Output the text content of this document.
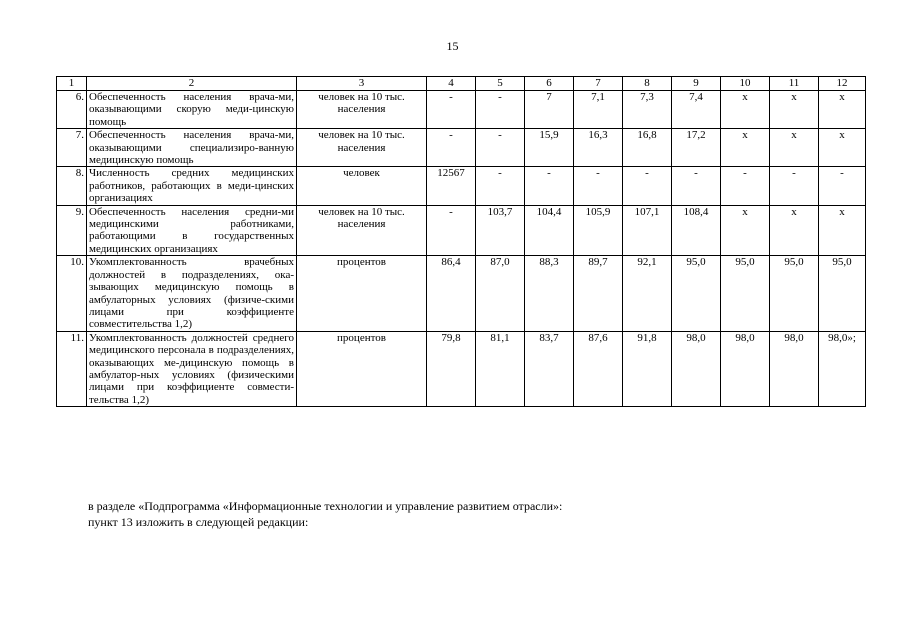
15
1	2	3	4	5	6	7	8	9	10	11	12
6.	Обеспеченность населения врача-ми, оказывающими скорую меди-цинскую помощь	человек на 10 тыс. населения	-	-	7	7,1	7,3	7,4	х	х	х
7.	Обеспеченность населения врача-ми, оказывающими специализиро-ванную медицинскую помощь	человек на 10 тыс. населения	-	-	15,9	16,3	16,8	17,2	х	х	х
8.	Численность средних медицинских работников, работающих в меди-цинских организациях	человек	12567	-	-	-	-	-	-	-	-
9.	Обеспеченность населения средни-ми медицинскими работниками, работающими в государственных медицинских организациях	человек на 10 тыс. населения	-	103,7	104,4	105,9	107,1	108,4	х	х	х
10.	Укомплектованность врачебных должностей в подразделениях, ока-зывающих медицинскую помощь в амбулаторных условиях (физиче-скими лицами при коэффициенте совместительства 1,2)	процентов	86,4	87,0	88,3	89,7	92,1	95,0	95,0	95,0	95,0
11.	Укомплектованность должностей среднего медицинского персонала в подразделениях, оказывающих ме-дицинскую помощь в амбулатор-ных условиях (физическими лицами при коэффициенте совмести-тельства 1,2)	процентов	79,8	81,1	83,7	87,6	91,8	98,0	98,0	98,0	98,0»;
в разделе «Подпрограмма «Информационные технологии и управление развитием отрасли»:
пункт 13 изложить в следующей редакции:
